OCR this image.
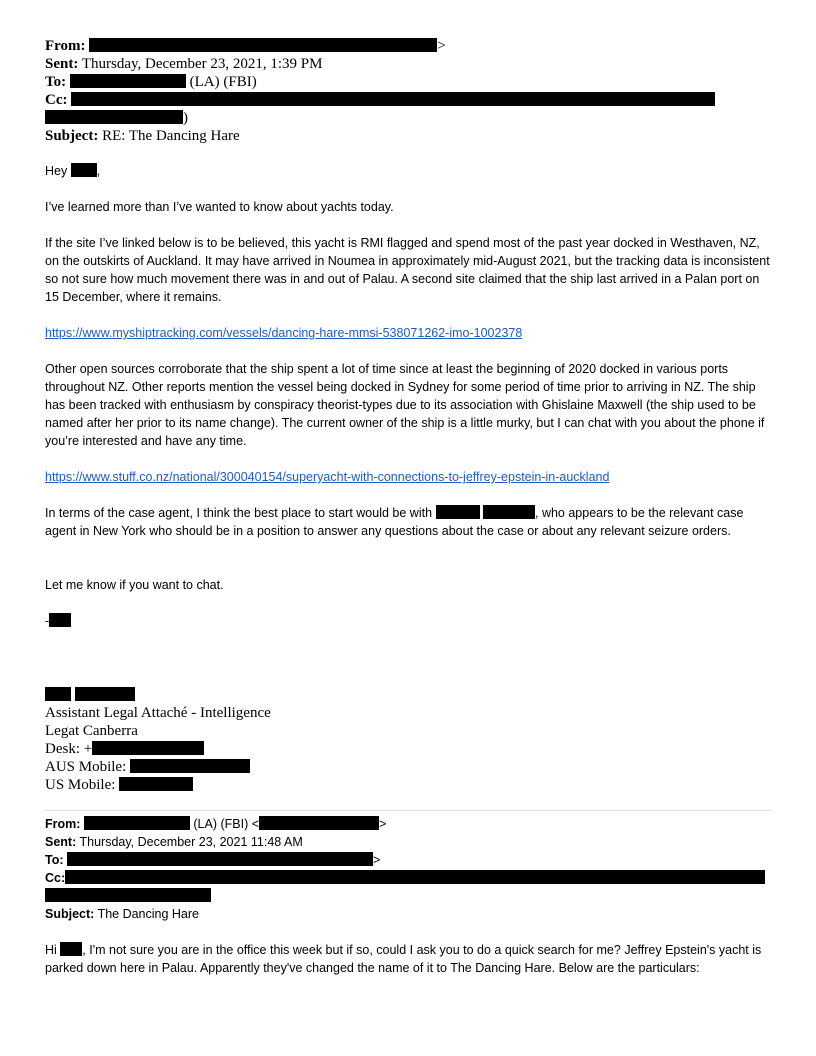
From:	>
Sent: Thursday, December 23, 2021, 1:39 PM
To:	(LA) (FBI)
Cc:
)
Subject: RE: The Dancing Hare
Hey ,
I’ve learned more than I’ve wanted to know about yachts today.
If the site I’ve linked below is to be believed, this yacht is RMI flagged and spend most of the past year docked in Westhaven, NZ, on the outskirts of Auckland. It may have arrived in Noumea in approximately mid-August 2021, but the tracking data is inconsistent so not sure how much movement there was in and out of Palau. A second site claimed that the ship last arrived in a Palan port on 15 December, where it remains.
https://www.myshiptracking.com/vessels/dancing-hare-mmsi-538071262-imo-1002378
Other open sources corroborate that the ship spent a lot of time since at least the beginning of 2020 docked in various ports throughout NZ. Other reports mention the vessel being docked in Sydney for some period of time prior to arriving in NZ. The ship has been tracked with enthusiasm by conspiracy theorist-types due to its association with Ghislaine Maxwell (the ship used to be named after her prior to its name change). The current owner of the ship is a little murky, but I can chat with you about the phone if you’re interested and have any time.
https://www.stuff.co.nz/national/300040154/superyacht-with-connections-to-jeffrey-epstein-in-auckland
In terms of the case agent, I think the best place to start would be with	, who appears to be the relevant case agent in New York who should be in a position to answer any questions about the case or about any relevant seizure orders.
Let me know if you want to chat.
-

Assistant Legal Attaché - Intelligence
Legat Canberra
Desk: +
AUS Mobile:
US Mobile:
From:	(LA) (FBI) <	>
Sent: Thursday, December 23, 2021 11:48 AM
To:	>
Cc:
Subject: The Dancing Hare
Hi , I'm not sure you are in the office this week but if so, could I ask you to do a quick search for me? Jeffrey Epstein's yacht is parked down here in Palau. Apparently they've changed the name of it to The Dancing Hare. Below are the particulars:
